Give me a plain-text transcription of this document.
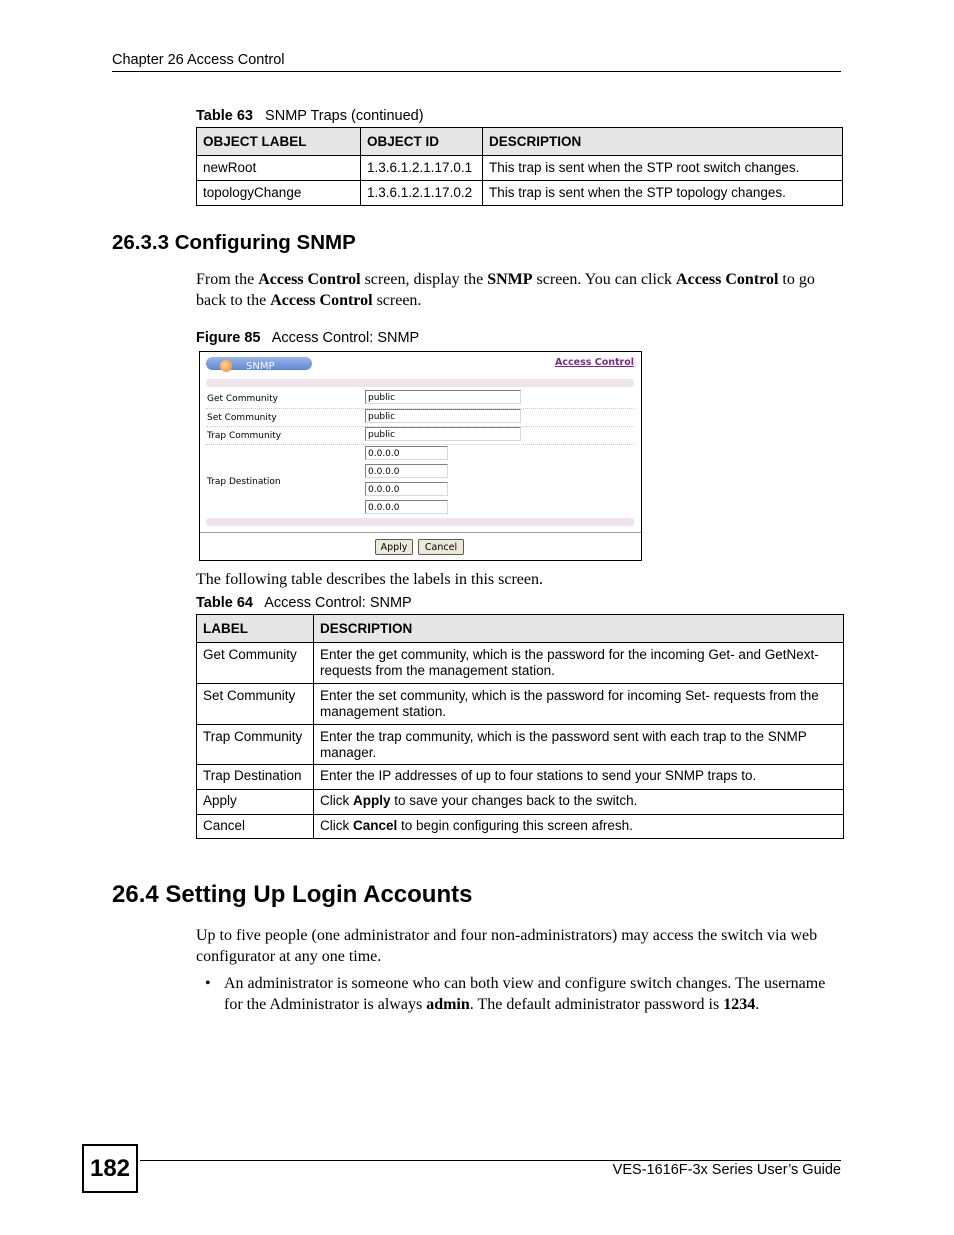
Chapter 26 Access Control
Table 63 SNMP Traps (continued)
OBJECT LABEL	OBJECT ID	DESCRIPTION
newRoot	1.3.6.1.2.1.17.0.1	This trap is sent when the STP root switch changes.
topologyChange	1.3.6.1.2.1.17.0.2	This trap is sent when the STP topology changes.
26.3.3 Configuring SNMP
From the Access Control screen, display the SNMP screen. You can click Access Control to go back to the Access Control screen.
Figure 85 Access Control: SNMP
SNMP	Access Control
Get Community	public
Set Community	public
Trap Community	public
Trap Destination
0.0.0.0
0.0.0.0
0.0.0.0
0.0.0.0
Apply	Cancel
The following table describes the labels in this screen.
Table 64 Access Control: SNMP
LABEL	DESCRIPTION
Get Community	Enter the get community, which is the password for the incoming Get- and GetNext-requests from the management station.
Set Community	Enter the set community, which is the password for incoming Set- requests from the management station.
Trap Community	Enter the trap community, which is the password sent with each trap to the SNMP manager.
Trap Destination	Enter the IP addresses of up to four stations to send your SNMP traps to.
Apply	Click Apply to save your changes back to the switch.
Cancel	Click Cancel to begin configuring this screen afresh.
26.4 Setting Up Login Accounts
Up to five people (one administrator and four non-administrators) may access the switch via web configurator at any one time.
• An administrator is someone who can both view and configure switch changes. The username for the Administrator is always admin. The default administrator password is 1234.
182	VES-1616F-3x Series User’s Guide
